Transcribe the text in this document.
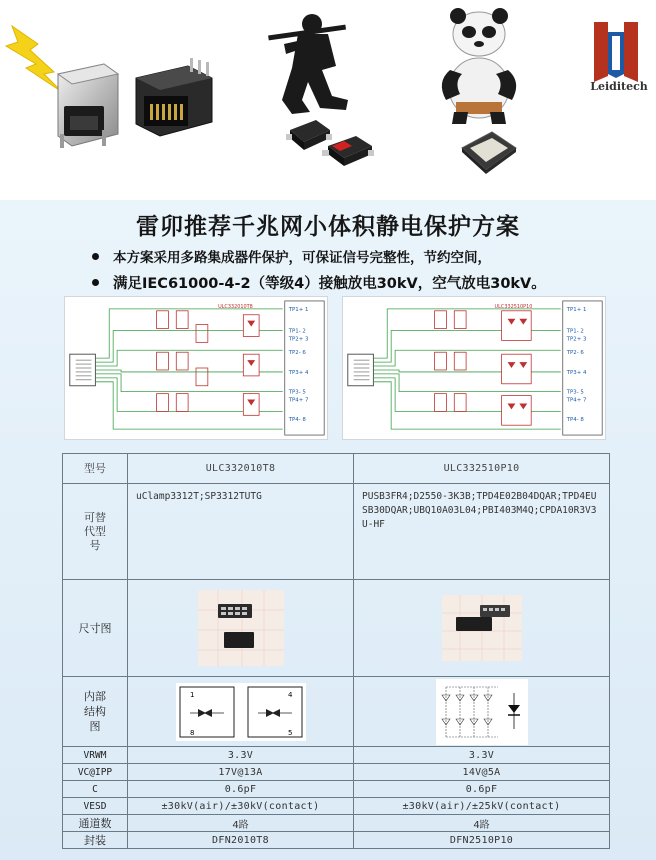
Leiditech
雷卯推荐千兆网小体积静电保护方案
本方案采用多路集成器件保护，可保证信号完整性，节约空间，
满足IEC61000-4-2（等级4）接触放电30kV，空气放电30kV。
ULC332010T8	TP1+ 1
TP1- 2
TP2+ 3
TP2- 6
TP3+ 4
TP3- 5
TP4+ 7
TP4- 8
ULC332510P10	TP1+ 1
TP1- 2
TP2+ 3
TP2- 6
TP3+ 4
TP3- 5
TP4+ 7
TP4- 8
型号	ULC332010T8	ULC332510P10
可替代型号	uClamp3312T;SP3312TUTG	PUSB3FR4;D2550-3K3B;TPD4E02B04DQAR;TPD4EUSB30DQAR;UBQ10A03L04;PBI403M4Q;CPDA10R3V3U-HF
尺寸图	

内部结构图	1 4
8 5

VRWM	3.3V	3.3V
VC@IPP	17V@13A	14V@5A
C	0.6pF	0.6pF
VESD	±30kV(air)/±30kV(contact)	±30kV(air)/±25kV(contact)
通道数	4路	4路
封装	DFN2010T8	DFN2510P10
